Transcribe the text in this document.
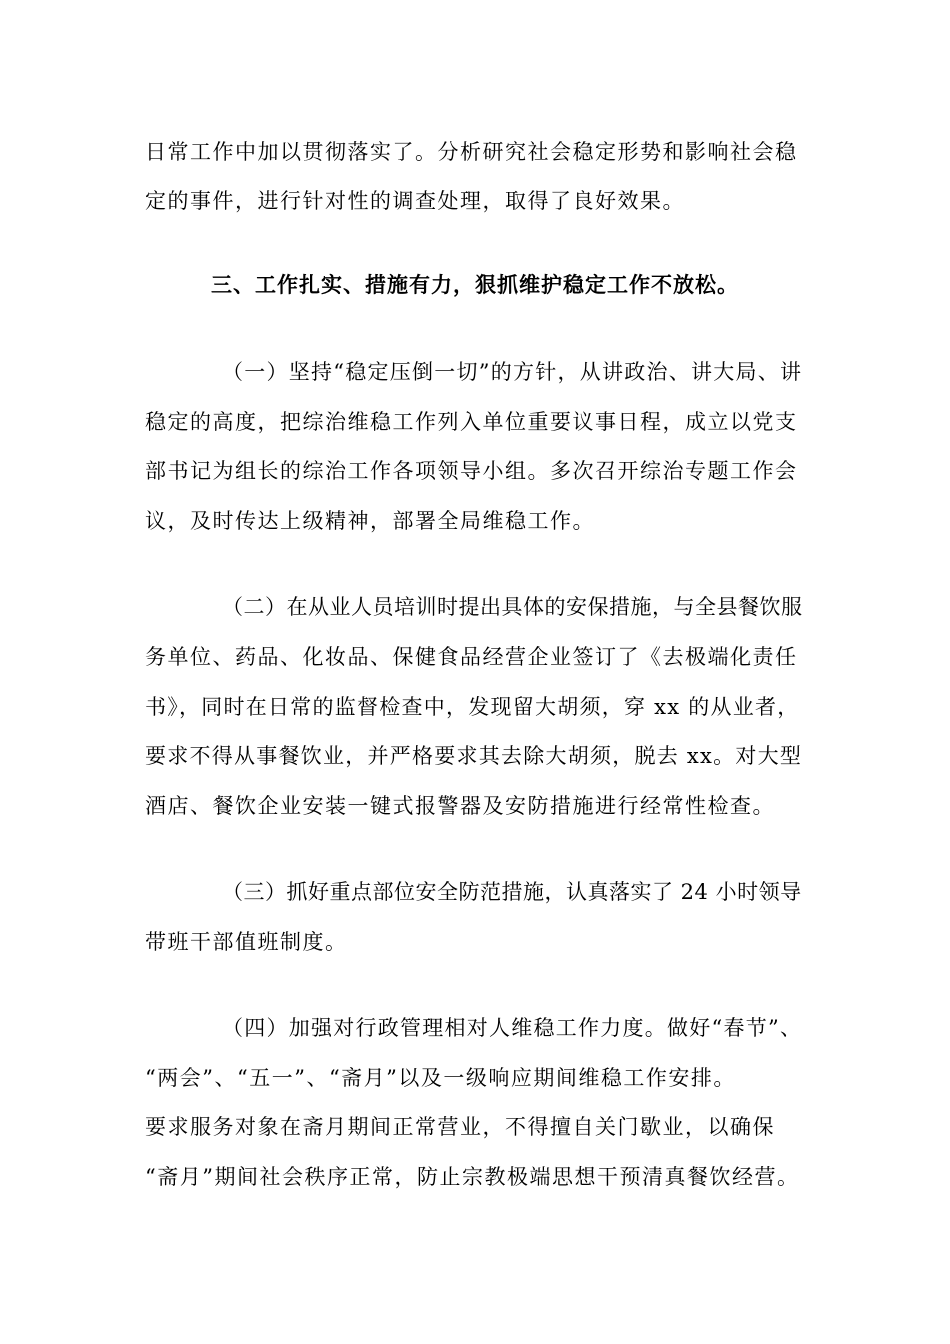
日常工作中加以贯彻落实了。分析研究社会稳定形势和影响社会稳
定的事件，进行针对性的调查处理，取得了良好效果。
三、工作扎实、措施有力，狠抓维护稳定工作不放松。
（一）坚持“稳定压倒一切”的方针，从讲政治、讲大局、讲
稳定的高度，把综治维稳工作列入单位重要议事日程，成立以党支
部书记为组长的综治工作各项领导小组。多次召开综治专题工作会
议，及时传达上级精神，部署全局维稳工作。
（二）在从业人员培训时提出具体的安保措施，与全县餐饮服
务单位、药品、化妆品、保健食品经营企业签订了《去极端化责任
书》，同时在日常的监督检查中，发现留大胡须，穿 xx 的从业者，
要求不得从事餐饮业，并严格要求其去除大胡须，脱去 xx。对大型
酒店、餐饮企业安装一键式报警器及安防措施进行经常性检查。
（三）抓好重点部位安全防范措施，认真落实了 24 小时领导
带班干部值班制度。
（四）加强对行政管理相对人维稳工作力度。做好“春节”、
“两会”、“五一”、“斋月”以及一级响应期间维稳工作安排。
要求服务对象在斋月期间正常营业，不得擅自关门歇业，以确保
“斋月”期间社会秩序正常，防止宗教极端思想干预清真餐饮经营。
